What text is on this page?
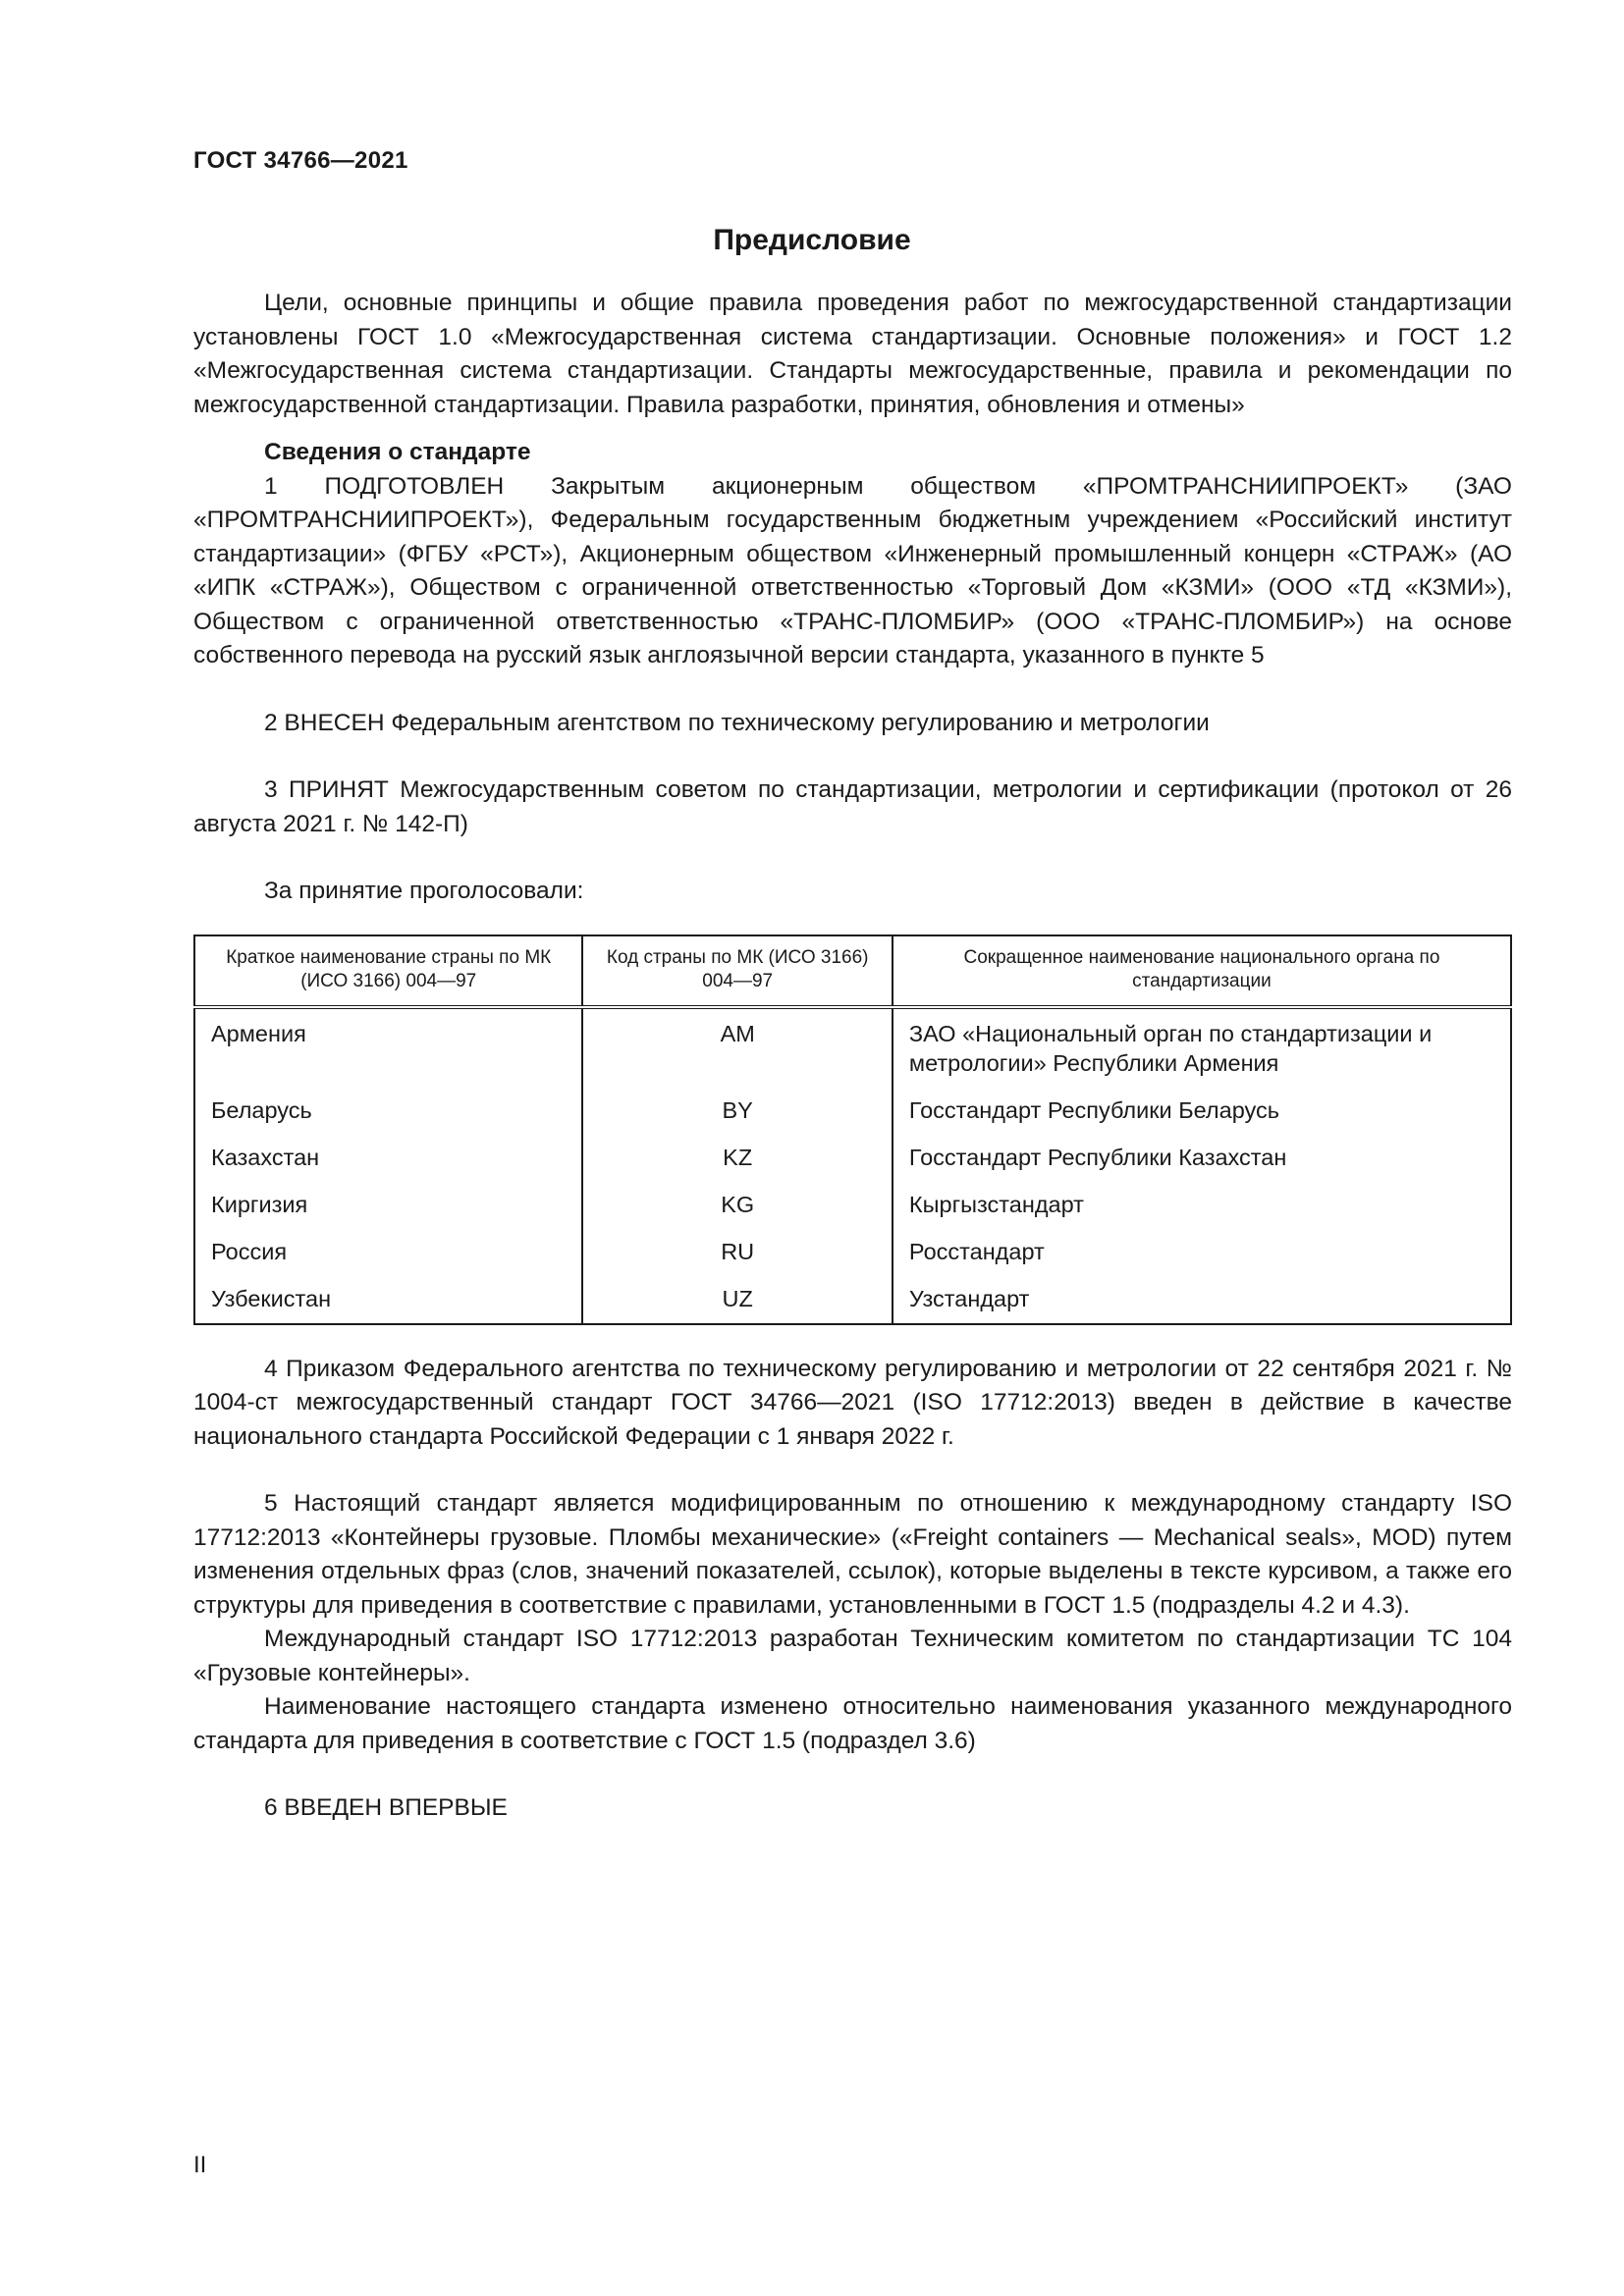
ГОСТ 34766—2021
Предисловие

Цели, основные принципы и общие правила проведения работ по межгосударственной стандартизации установлены ГОСТ 1.0 «Межгосударственная система стандартизации. Основные положения» и ГОСТ 1.2 «Межгосударственная система стандартизации. Стандарты межгосударственные, правила и рекомендации по межгосударственной стандартизации. Правила разработки, принятия, обновления и отмены»

Сведения о стандарте

1 ПОДГОТОВЛЕН Закрытым акционерным обществом «ПРОМТРАНСНИИПРОЕКТ» (ЗАО «ПРОМТРАНСНИИПРОЕКТ»), Федеральным государственным бюджетным учреждением «Российский институт стандартизации» (ФГБУ «РСТ»), Акционерным обществом «Инженерный промышленный концерн «СТРАЖ» (АО «ИПК «СТРАЖ»), Обществом с ограниченной ответственностью «Торговый Дом «КЗМИ» (ООО «ТД «КЗМИ»), Обществом с ограниченной ответственностью «ТРАНС-ПЛОМБИР» (ООО «ТРАНС-ПЛОМБИР») на основе собственного перевода на русский язык англоязычной версии стандарта, указанного в пункте 5

2 ВНЕСЕН Федеральным агентством по техническому регулированию и метрологии

3 ПРИНЯТ Межгосударственным советом по стандартизации, метрологии и сертификации (протокол от 26 августа 2021 г. № 142-П)

За принятие проголосовали:

Краткое наименование страны по МК (ИСО 3166) 004—97	Код страны по МК (ИСО 3166) 004—97	Сокращенное наименование национального органа по стандартизации
Армения	AM	ЗАО «Национальный орган по стандартизации и метрологии» Республики Армения
Беларусь	BY	Госстандарт Республики Беларусь
Казахстан	KZ	Госстандарт Республики Казахстан
Киргизия	KG	Кыргызстандарт
Россия	RU	Росстандарт
Узбекистан	UZ	Узстандарт

4 Приказом Федерального агентства по техническому регулированию и метрологии от 22 сентября 2021 г. № 1004-ст межгосударственный стандарт ГОСТ 34766—2021 (ISO 17712:2013) введен в действие в качестве национального стандарта Российской Федерации с 1 января 2022 г.

5 Настоящий стандарт является модифицированным по отношению к международному стандарту ISO 17712:2013 «Контейнеры грузовые. Пломбы механические» («Freight containers — Mechanical seals», MOD) путем изменения отдельных фраз (слов, значений показателей, ссылок), которые выделены в тексте курсивом, а также его структуры для приведения в соответствие с правилами, установленными в ГОСТ 1.5 (подразделы 4.2 и 4.3).

Международный стандарт ISO 17712:2013 разработан Техническим комитетом по стандартизации ТС 104 «Грузовые контейнеры».

Наименование настоящего стандарта изменено относительно наименования указанного международного стандарта для приведения в соответствие с ГОСТ 1.5 (подраздел 3.6)

6 ВВЕДЕН ВПЕРВЫЕ

II
